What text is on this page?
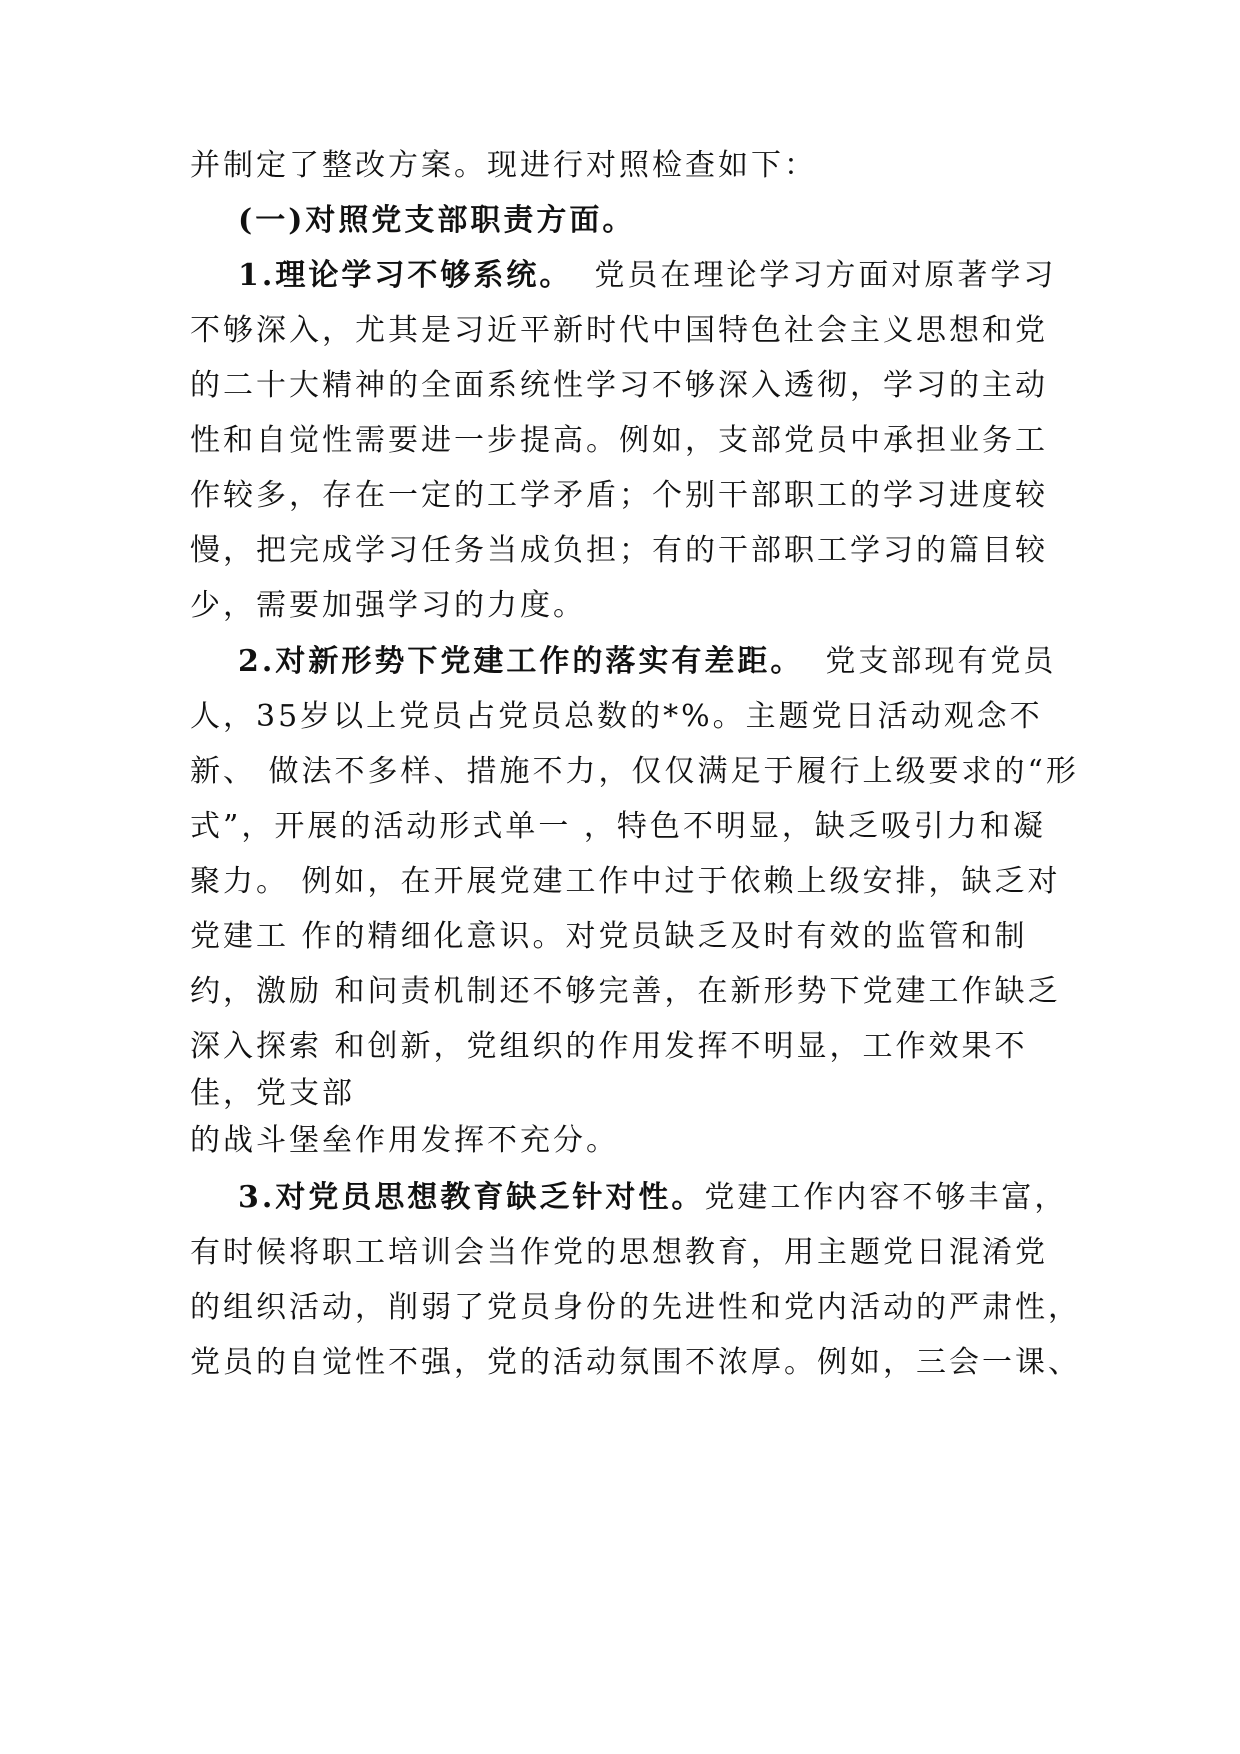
并制定了整改方案。现进行对照检查如下：
(一)对照党支部职责方面。
1.理论学习不够系统。 党员在理论学习方面对原著学习
不够深入，尤其是习近平新时代中国特色社会主义思想和党
的二十大精神的全面系统性学习不够深入透彻，学习的主动
性和自觉性需要进一步提高。例如，支部党员中承担业务工
作较多，存在一定的工学矛盾；个别干部职工的学习进度较
慢，把完成学习任务当成负担；有的干部职工学习的篇目较
少，需要加强学习的力度。
2.对新形势下党建工作的落实有差距。 党支部现有党员
人，35岁以上党员占党员总数的*%。主题党日活动观念不
新、 做法不多样、措施不力，仅仅满足于履行上级要求的“形
式”，开展的活动形式单一 ，特色不明显，缺乏吸引力和凝
聚力。 例如，在开展党建工作中过于依赖上级安排，缺乏对
党建工 作的精细化意识。对党员缺乏及时有效的监管和制
约，激励 和问责机制还不够完善，在新形势下党建工作缺乏
深入探索 和创新，党组织的作用发挥不明显，工作效果不
佳，党支部
的战斗堡垒作用发挥不充分。
3.对党员思想教育缺乏针对性。党建工作内容不够丰富，
有时候将职工培训会当作党的思想教育，用主题党日混淆党
的组织活动，削弱了党员身份的先进性和党内活动的严肃性，
党员的自觉性不强，党的活动氛围不浓厚。例如，三会一课、
